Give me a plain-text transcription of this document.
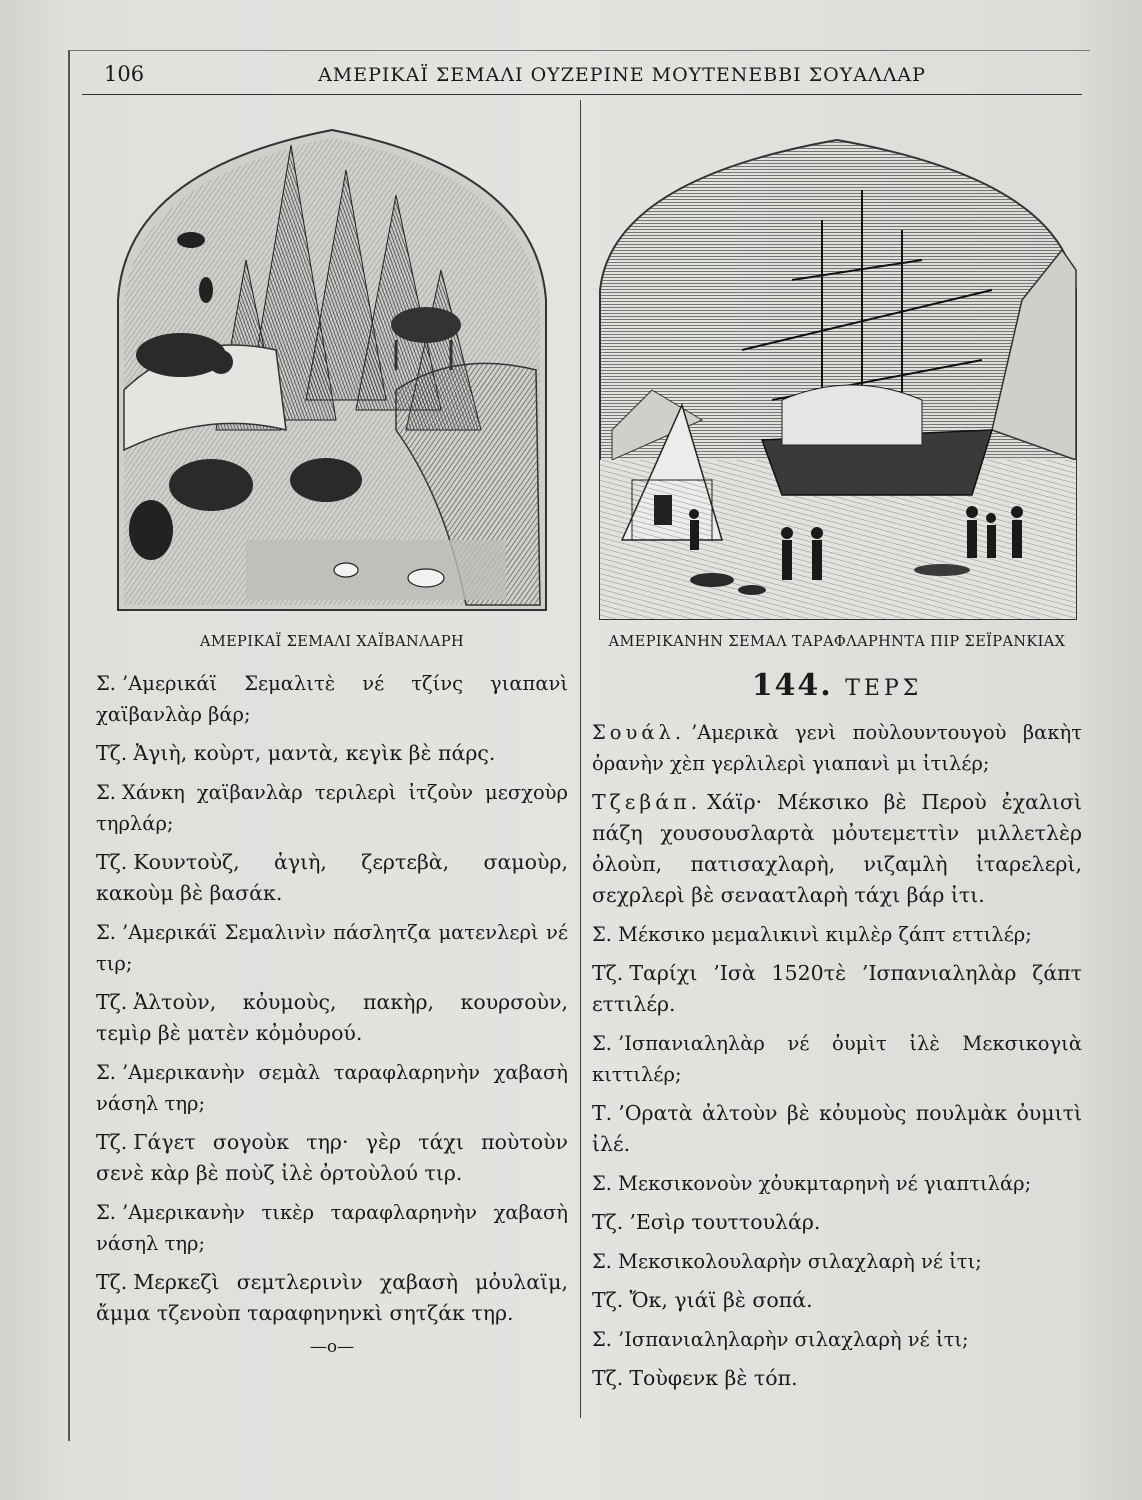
106	ΑΜΕΡΙΚΑΪ ΣΕΜΑΛΙ ΟΥΖΕΡΙΝΕ ΜΟΥΤΕΝΕΒΒΙ ΣΟΥΑΛΛΑΡ
ΑΜΕΡΙΚΑΪ ΣΕΜΑΛΙ ΧΑΪΒΑΝΛΑΡΗ

Σ. ’Αμερικάϊ Σεμαλιτὲ νέ τζίνς γιαπανὶ χαϊβανλὰρ βάρ;

Τζ. Ἀγιὴ, κοὺρτ, μαντὰ, κεγὶκ βὲ πάρς.

Σ. Χάνκη χαϊβανλὰρ τεριλερὶ ἰτζοὺν μεσχοὺρ τηρλάρ;

Τζ. Κουντοὺζ, ἀγιὴ, ζερτεβὰ, σαμοὺρ, κακοὺμ βὲ βασάκ.

Σ. ’Αμερικάϊ Σεμαλινὶν πάσλητζα ματενλερὶ νέ τιρ;

Τζ. Ἀλτοὺν, κὀυμοὺς, πακὴρ, κουρσοὺν, τεμὶρ βὲ ματὲν κὀμὀυρού.

Σ. ’Αμερικανὴν σεμὰλ ταραφλαρηνὴν χαβασὴ νάσηλ τηρ;

Τζ. Γάγετ σογοὺκ τηρ· γὲρ τάχι ποὺτοὺν σενὲ κὰρ βὲ ποὺζ ἰλὲ ὀρτοὺλού τιρ.

Σ. ’Αμερικανὴν τικὲρ ταραφλαρηνὴν χαβασὴ νάσηλ τηρ;

Τζ. Μερκεζὶ σεμτλερινὶν χαβασὴ μὀυλαϊμ, ἄμμα τζενοὺπ ταραφηνηνκὶ σητζάκ τηρ.

—o—
ΑΜΕΡΙΚΑΝΗΝ ΣΕΜΑΛ ΤΑΡΑΦΛΑΡΗΝΤΑ ΠΙΡ ΣΕΪΡΑΝΚΙΑΧ
144. ΤΕΡΣ

Σουάλ. ’Αμερικὰ γενὶ ποὺλουντουγοὺ βακὴτ ὀρανὴν χὲπ γερλιλερὶ γιαπανὶ μι ἰτιλέρ;

Τζεβάπ. Χάϊρ· Μέκσικο βὲ Περοὺ ἐχαλισὶ πάζη χουσουσλαρτὰ μὀυτεμεττὶν μιλλετλὲρ ὀλοὺπ, πατισαχλαρὴ, νιζαμλὴ ἰταρελερὶ, σεχρλερὶ βὲ σεναατλαρὴ τάχι βάρ ἰτι.

Σ. Μέκσικο μεμαλικινὶ κιμλὲρ ζάπτ εττιλέρ;

Τζ. Ταρίχι ’Ισὰ 1520τὲ ’Ισπανιαληλὰρ ζάπτ εττιλέρ.

Σ. ’Ισπανιαληλὰρ νέ ὀυμὶτ ἰλὲ Μεκσικογιὰ κιττιλέρ;

Τ. ’Ορατὰ ἀλτοὺν βὲ κὀυμοὺς πουλμὰκ ὀυμιτὶ ἰλέ.

Σ. Μεκσικονοὺν χὀυκμταρηνὴ νέ γιαπτιλάρ;

Τζ. ’Εσὶρ τουττουλάρ.

Σ. Μεκσικολουλαρὴν σιλαχλαρὴ νέ ἰτι;

Τζ. Ὄκ, γιάϊ βὲ σοπά.

Σ. ’Ισπανιαληλαρὴν σιλαχλαρὴ νέ ἰτι;

Τζ. Τοὺφενκ βὲ τόπ.
